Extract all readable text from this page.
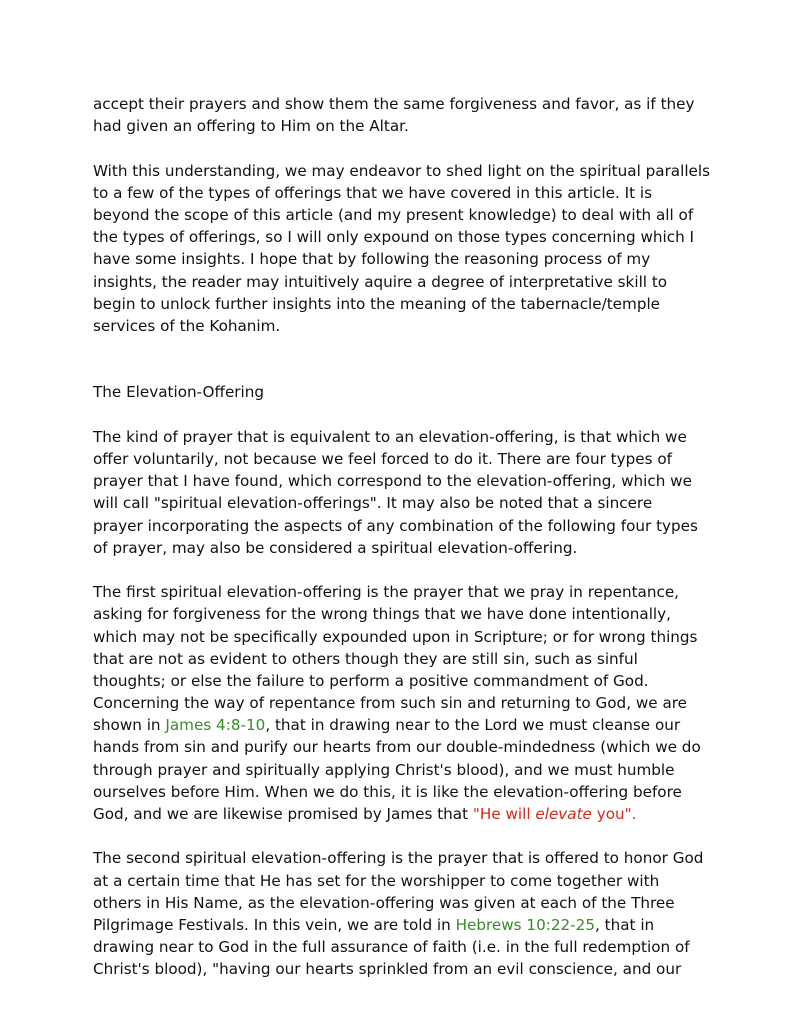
accept their prayers and show them the same forgiveness and favor, as if they
had given an offering to Him on the Altar.
With this understanding, we may endeavor to shed light on the spiritual parallels
to a few of the types of offerings that we have covered in this article. It is
beyond the scope of this article (and my present knowledge) to deal with all of
the types of offerings, so I will only expound on those types concerning which I
have some insights. I hope that by following the reasoning process of my
insights, the reader may intuitively aquire a degree of interpretative skill to
begin to unlock further insights into the meaning of the tabernacle/temple
services of the Kohanim.
The Elevation-Offering
The kind of prayer that is equivalent to an elevation-offering, is that which we
offer voluntarily, not because we feel forced to do it. There are four types of
prayer that I have found, which correspond to the elevation-offering, which we
will call "spiritual elevation-offerings". It may also be noted that a sincere
prayer incorporating the aspects of any combination of the following four types
of prayer, may also be considered a spiritual elevation-offering.
The first spiritual elevation-offering is the prayer that we pray in repentance,
asking for forgiveness for the wrong things that we have done intentionally,
which may not be specifically expounded upon in Scripture; or for wrong things
that are not as evident to others though they are still sin, such as sinful
thoughts; or else the failure to perform a positive commandment of God.
Concerning the way of repentance from such sin and returning to God, we are
shown in James 4:8-10, that in drawing near to the Lord we must cleanse our
hands from sin and purify our hearts from our double-mindedness (which we do
through prayer and spiritually applying Christ's blood), and we must humble
ourselves before Him. When we do this, it is like the elevation-offering before
God, and we are likewise promised by James that "He will elevate you".
The second spiritual elevation-offering is the prayer that is offered to honor God
at a certain time that He has set for the worshipper to come together with
others in His Name, as the elevation-offering was given at each of the Three
Pilgrimage Festivals. In this vein, we are told in Hebrews 10:22-25, that in
drawing near to God in the full assurance of faith (i.e. in the full redemption of
Christ's blood), "having our hearts sprinkled from an evil conscience, and our
